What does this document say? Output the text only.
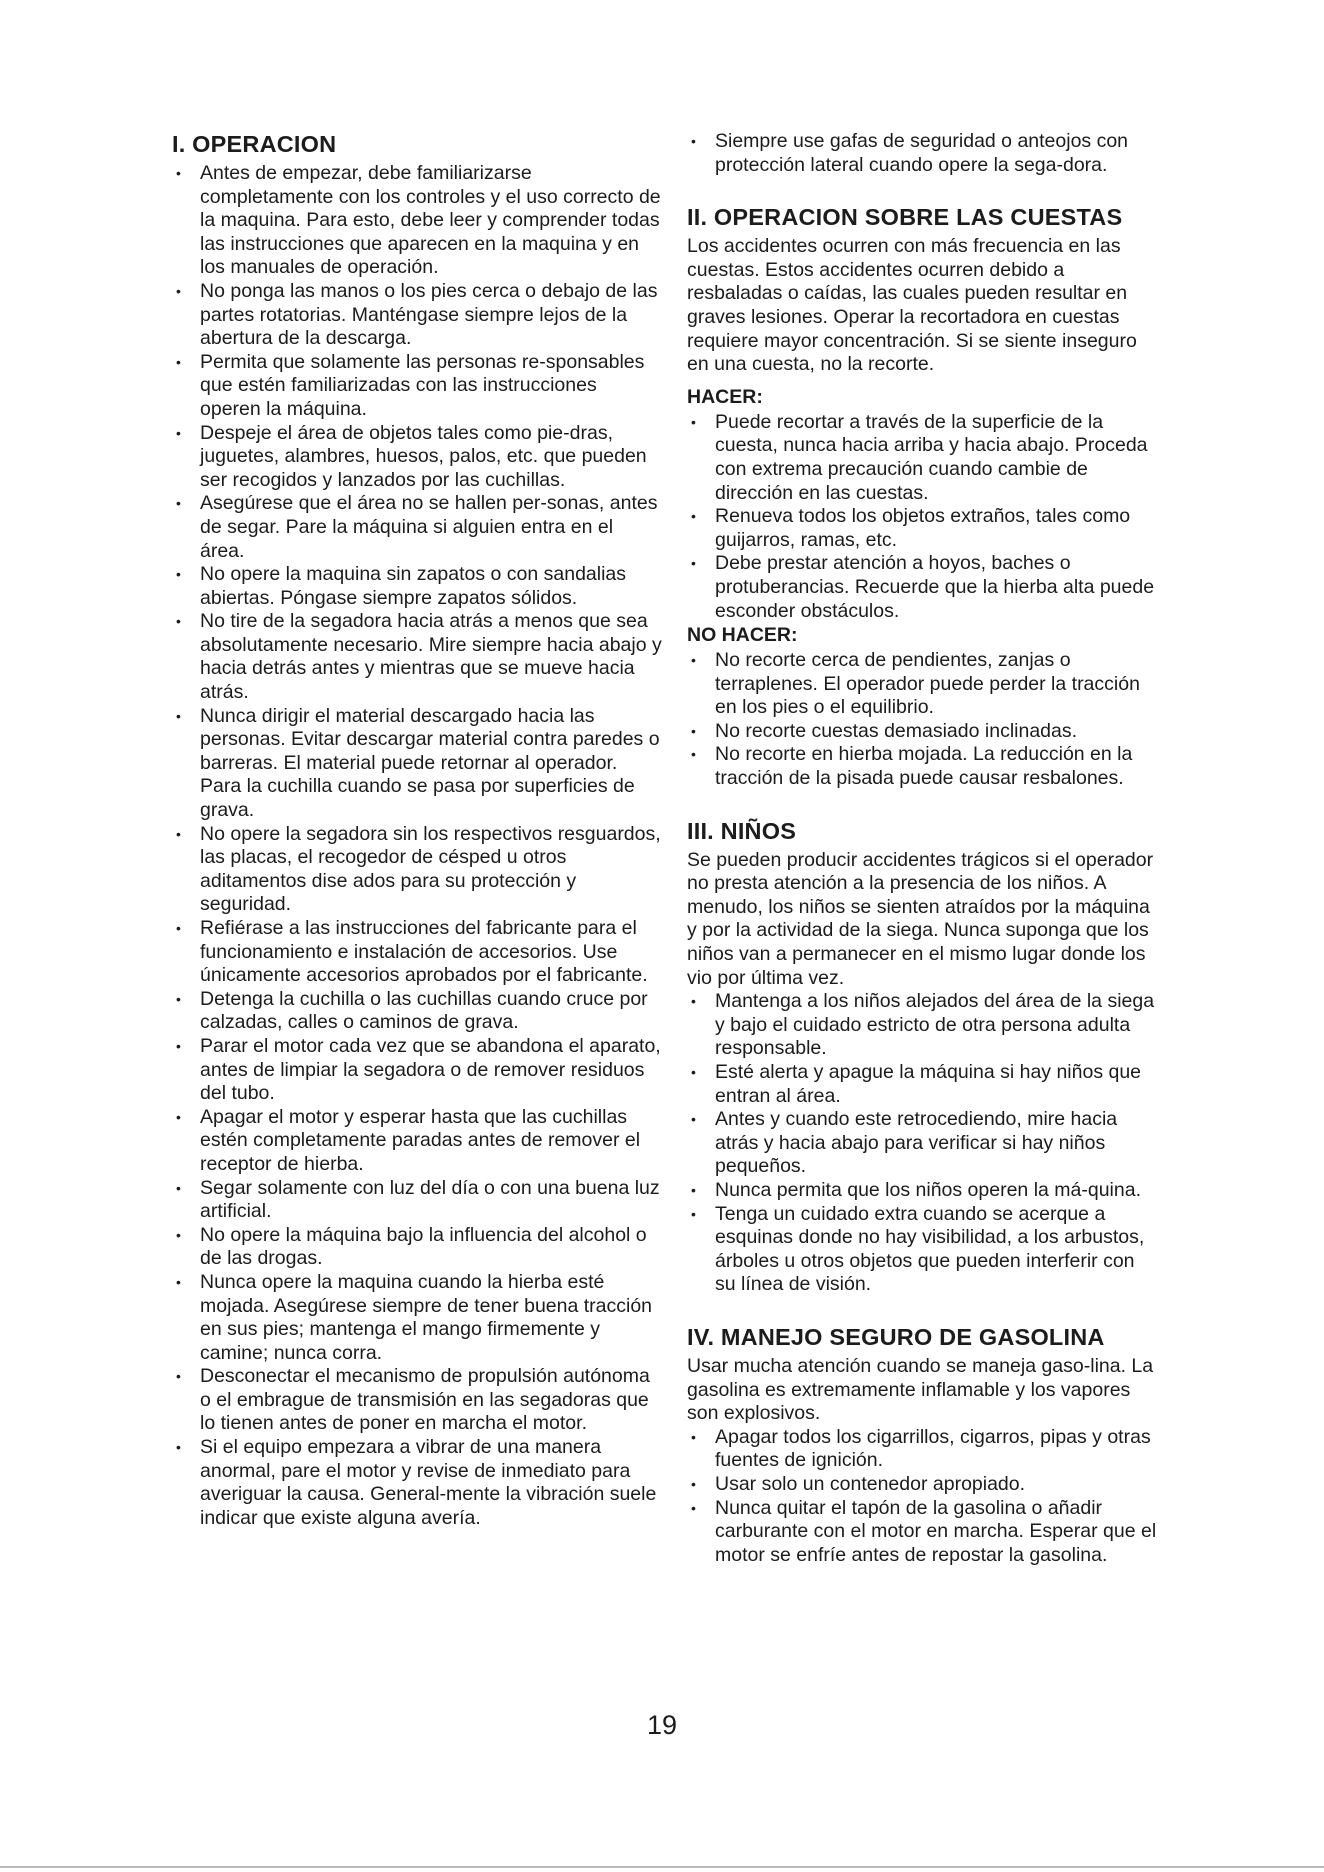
I. OPERACION
• Antes de empezar, debe familiarizarse completamente con los controles y el uso correcto de la maquina. Para esto, debe leer y comprender todas las instrucciones que aparecen en la maquina y en los manuales de operación.
• No ponga las manos o los pies cerca o debajo de las partes rotatorias. Manténgase siempre lejos de la abertura de la descarga.
• Permita que solamente las personas re-sponsables que estén familiarizadas con las instrucciones operen la máquina.
• Despeje el área de objetos tales como pie-dras, juguetes, alambres, huesos, palos, etc. que pueden ser recogidos y lanzados por las cuchillas.
• Asegúrese que el área no se hallen per-sonas, antes de segar. Pare la máquina si alguien entra en el área.
• No opere la maquina sin zapatos o con sandalias abiertas. Póngase siempre zapatos sólidos.
• No tire de la segadora hacia atrás a menos que sea absolutamente necesario. Mire siempre hacia abajo y hacia detrás antes y mientras que se mueve hacia atrás.
• Nunca dirigir el material descargado hacia las personas. Evitar descargar material contra paredes o barreras. El material puede retornar al operador. Para la cuchilla cuando se pasa por superficies de grava.
• No opere la segadora sin los respectivos resguardos, las placas, el recogedor de césped u otros aditamentos dise ados para su protección y seguridad.
• Refiérase a las instrucciones del fabricante para el funcionamiento e instalación de accesorios. Use únicamente accesorios aprobados por el fabricante.
• Detenga la cuchilla o las cuchillas cuando cruce por calzadas, calles o caminos de grava.
• Parar el motor cada vez que se abandona el aparato, antes de limpiar la segadora o de remover residuos del tubo.
• Apagar el motor y esperar hasta que las cuchillas estén completamente paradas antes de remover el receptor de hierba.
• Segar solamente con luz del día o con una buena luz artificial.
• No opere la máquina bajo la influencia del alcohol o de las drogas.
• Nunca opere la maquina cuando la hierba esté mojada. Asegúrese siempre de tener buena tracción en sus pies; mantenga el mango firmemente y camine; nunca corra.
• Desconectar el mecanismo de propulsión autónoma o el embrague de transmisión en las segadoras que lo tienen antes de poner en marcha el motor.
• Si el equipo empezara a vibrar de una manera anormal, pare el motor y revise de inmediato para averiguar la causa. General-mente la vibración suele indicar que existe alguna avería.
• Siempre use gafas de seguridad o anteojos con protección lateral cuando opere la sega-dora.
II. OPERACION SOBRE LAS CUESTAS

Los accidentes ocurren con más frecuencia en las cuestas. Estos accidentes ocurren debido a resbaladas o caídas, las cuales pueden resultar en graves lesiones. Operar la recortadora en cuestas requiere mayor concentración. Si se siente inseguro en una cuesta, no la recorte.

HACER:
• Puede recortar a través de la superficie de la cuesta, nunca hacia arriba y hacia abajo. Proceda con extrema precaución cuando cambie de dirección en las cuestas.
• Renueva todos los objetos extraños, tales como guijarros, ramas, etc.
• Debe prestar atención a hoyos, baches o protuberancias. Recuerde que la hierba alta puede esconder obstáculos.
NO HACER:
• No recorte cerca de pendientes, zanjas o terraplenes. El operador puede perder la tracción en los pies o el equilibrio.
• No recorte cuestas demasiado inclinadas.
• No recorte en hierba mojada. La reducción en la tracción de la pisada puede causar resbalones.
III. NIÑOS

Se pueden producir accidentes trágicos si el operador no presta atención a la presencia de los niños. A menudo, los niños se sienten atraídos por la máquina y por la actividad de la siega. Nunca suponga que los niños van a permanecer en el mismo lugar donde los vio por última vez.

• Mantenga a los niños alejados del área de la siega y bajo el cuidado estricto de otra persona adulta responsable.
• Esté alerta y apague la máquina si hay niños que entran al área.
• Antes y cuando este retrocediendo, mire hacia atrás y hacia abajo para verificar si hay niños pequeños.
• Nunca permita que los niños operen la má-quina.
• Tenga un cuidado extra cuando se acerque a esquinas donde no hay visibilidad, a los arbustos, árboles u otros objetos que pueden interferir con su línea de visión.
IV. MANEJO SEGURO DE GASOLINA

Usar mucha atención cuando se maneja gaso-lina. La gasolina es extremamente inflamable y los vapores son explosivos.

• Apagar todos los cigarrillos, cigarros, pipas y otras fuentes de ignición.
• Usar solo un contenedor apropiado.
• Nunca quitar el tapón de la gasolina o añadir carburante con el motor en marcha. Esperar que el motor se enfríe antes de repostar la gasolina.
19
